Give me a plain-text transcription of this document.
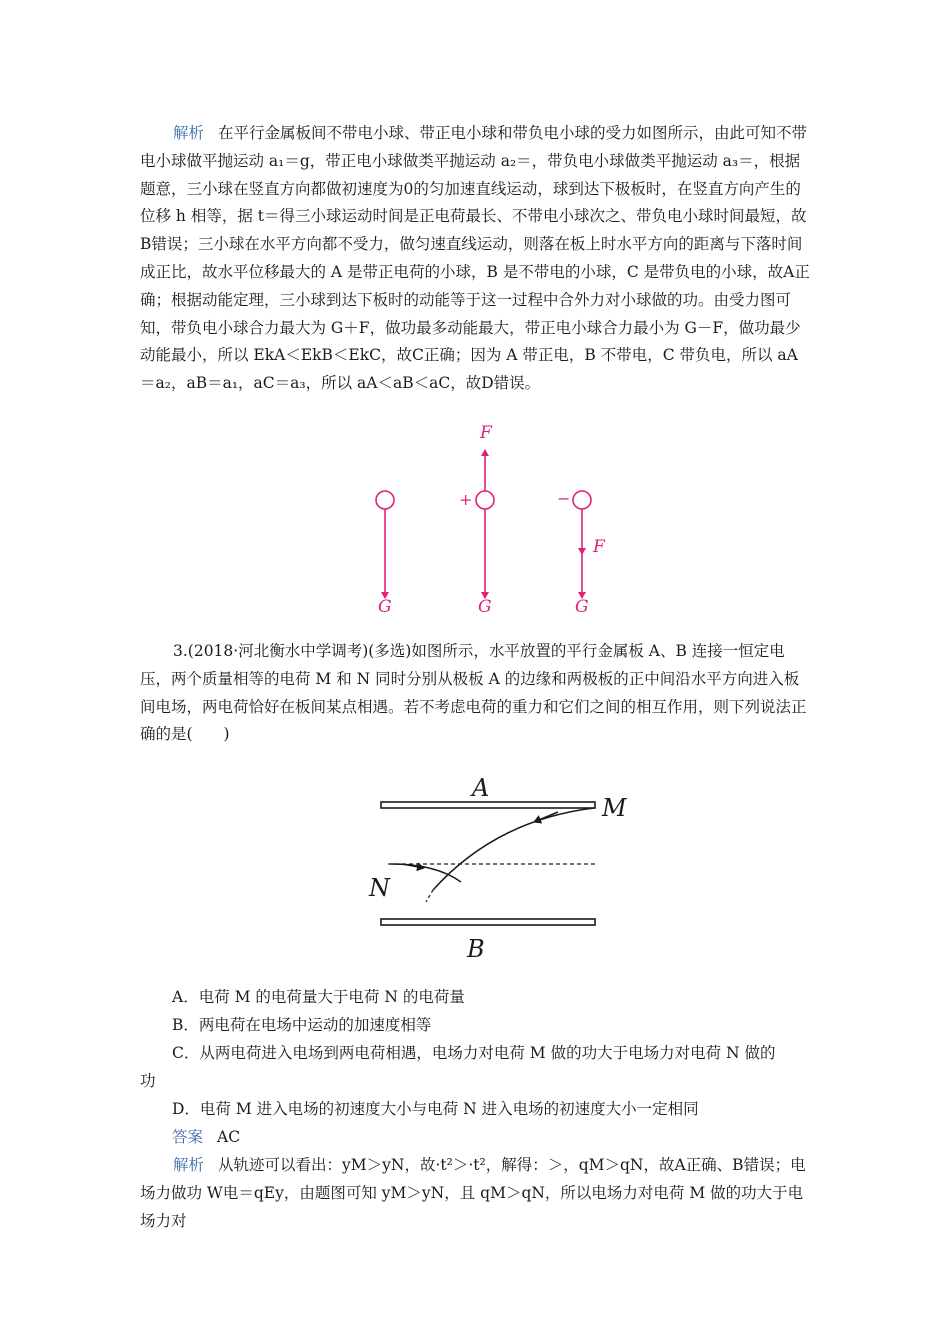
解析 在平行金属板间不带电小球、带正电小球和带负电小球的受力如图所示，由此可知不带电小球做平抛运动 a₁＝g，带正电小球做类平抛运动 a₂＝，带负电小球做类平抛运动 a₃＝，根据题意，三小球在竖直方向都做初速度为0的匀加速直线运动，球到达下极板时，在竖直方向产生的位移 h 相等，据 t＝得三小球运动时间是正电荷最长、不带电小球次之、带负电小球时间最短，故B错误；三小球在水平方向都不受力，做匀速直线运动，则落在板上时水平方向的距离与下落时间成正比，故水平位移最大的 A 是带正电荷的小球，B 是不带电的小球，C 是带负电的小球，故A正确；根据动能定理，三小球到达下板时的动能等于这一过程中合外力对小球做的功。由受力图可知，带负电小球合力最大为 G＋F，做功最多动能最大，带正电小球合力最小为 G－F，做功最少动能最小，所以 EkA＜EkB＜EkC，故C正确；因为 A 带正电，B 不带电，C 带负电，所以 aA＝a₂，aB＝a₁，aC＝a₃，所以 aA＜aB＜aC，故D错误。

G
+
F
G
−
F
G

3.(2018·河北衡水中学调考)(多选)如图所示，水平放置的平行金属板 A、B 连接一恒定电压，两个质量相等的电荷 M 和 N 同时分别从极板 A 的边缘和两极板的正中间沿水平方向进入板间电场，两电荷恰好在板间某点相遇。若不考虑电荷的重力和它们之间的相互作用，则下列说法正确的是(　　)

A
M
N
B

A．电荷 M 的电荷量大于电荷 N 的电荷量

B．两电荷在电场中运动的加速度相等

C．从两电荷进入电场到两电荷相遇，电场力对电荷 M 做的功大于电场力对电荷 N 做的

功

D．电荷 M 进入电场的初速度大小与电荷 N 进入电场的初速度大小一定相同

答案 AC

解析 从轨迹可以看出：yM＞yN，故·t²＞·t²，解得：＞，qM＞qN，故A正确、B错误；电场力做功 W电＝qEy，由题图可知 yM＞yN，且 qM＞qN，所以电场力对电荷 M 做的功大于电场力对
